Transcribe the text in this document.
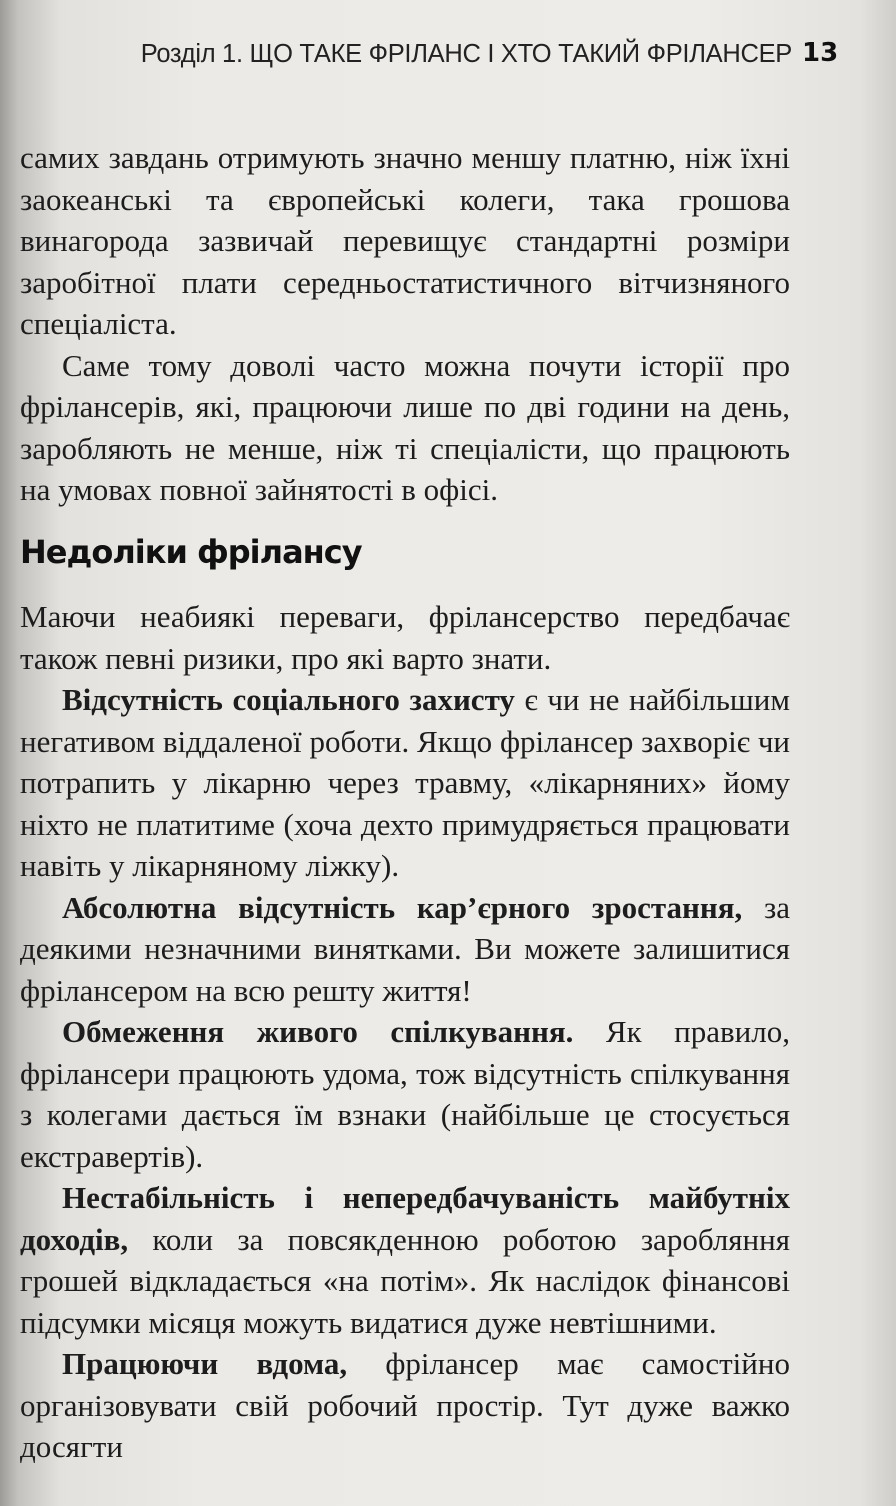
Розділ 1. ЩО ТАКЕ ФРІЛАНС І ХТО ТАКИЙ ФРІЛАНСЕР 13

самих завдань отримують значно меншу платню, ніж їхні заокеанські та європейські колеги, така грошова винагорода зазвичай перевищує стандартні розміри заробітної плати середньостатистичного вітчизняного спеціаліста.

Саме тому доволі часто можна почути історії про фрілансерів, які, працюючи лише по дві години на день, заробляють не менше, ніж ті спеціалісти, що працюють на умовах повної зайнятості в офісі.

Недоліки фрілансу

Маючи неабиякі переваги, фрілансерство передбачає також певні ризики, про які варто знати.

Відсутність соціального захисту є чи не найбільшим негативом віддаленої роботи. Якщо фрілансер захворіє чи потрапить у лікарню через травму, «лікарняних» йому ніхто не платитиме (хоча дехто примудряється працювати навіть у лікарняному ліжку).

Абсолютна відсутність кар’єрного зростання, за деякими незначними винятками. Ви можете залишитися фрілансером на всю решту життя!

Обмеження живого спілкування. Як правило, фрілансери працюють удома, тож відсутність спілкування з колегами дається їм взнаки (найбільше це стосується екстравертів).

Нестабільність і непередбачуваність майбутніх доходів, коли за повсякденною роботою заробляння грошей відкладається «на потім». Як наслідок фінансові підсумки місяця можуть видатися дуже невтішними.

Працюючи вдома, фрілансер має самостійно організовувати свій робочий простір. Тут дуже важко досягти
